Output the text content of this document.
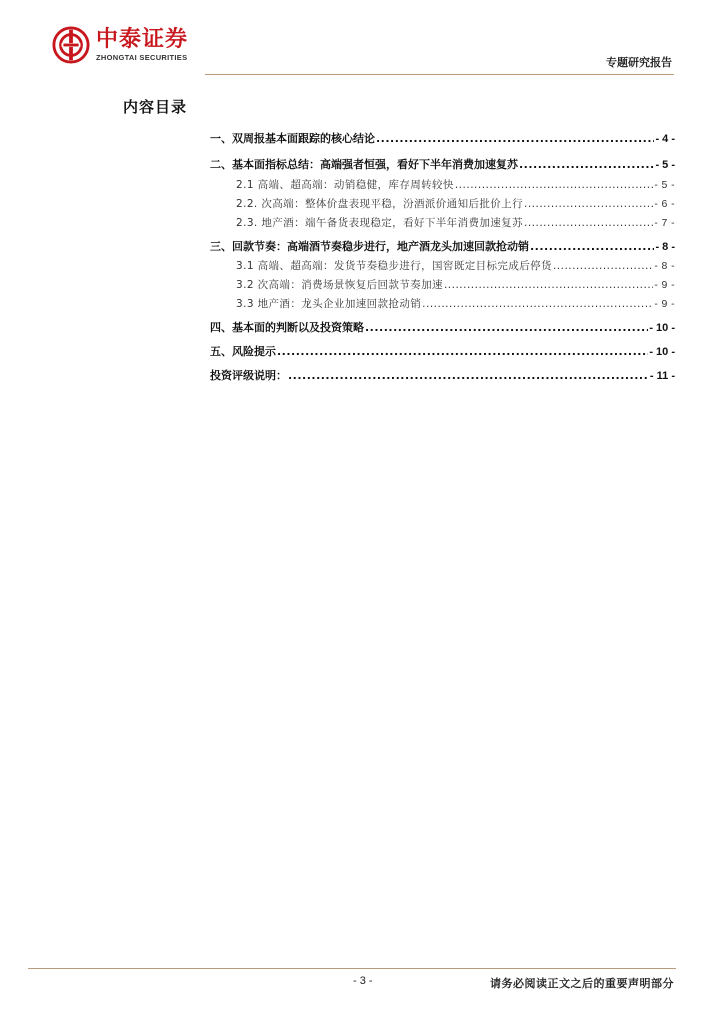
中泰证券
ZHONGTAI SECURITIES	专题研究报告
内容目录
一、双周报基本面跟踪的核心结论 .....	- 4 -
二、基本面指标总结：高端强者恒强，看好下半年消费加速复苏 .....	- 5 -
2.1 高端、超高端：动销稳健，库存周转较快 .....	- 5 -
2.2. 次高端：整体价盘表现平稳，汾酒派价通知后批价上行 .....	- 6 -
2.3. 地产酒：端午备货表现稳定，看好下半年消费加速复苏 .....	- 7 -
三、回款节奏：高端酒节奏稳步进行，地产酒龙头加速回款抢动销 .....	- 8 -
3.1 高端、超高端：发货节奏稳步进行，国窖既定目标完成后停货 .....	- 8 -
3.2 次高端：消费场景恢复后回款节奏加速 .....	- 9 -
3.3 地产酒：龙头企业加速回款抢动销 .....	- 9 -
四、基本面的判断以及投资策略 .....	- 10 -
五、风险提示 .....	- 10 -
投资评级说明： .....	- 11 -
- 3 -	请务必阅读正文之后的重要声明部分
